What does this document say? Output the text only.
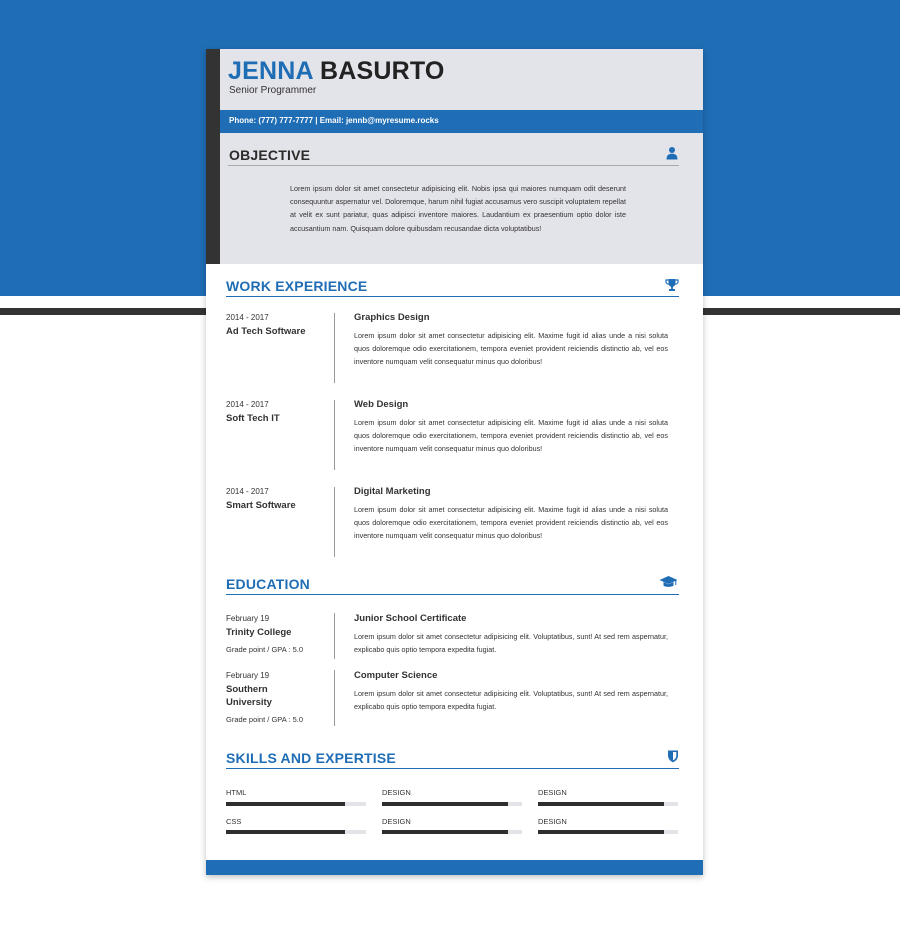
JENNA BASURTO
Senior Programmer
Phone: (777) 777-7777 | Email: jennb@myresume.rocks
OBJECTIVE
Lorem ipsum dolor sit amet consectetur adipisicing elit. Nobis ipsa qui maiores numquam odit deserunt consequuntur aspernatur vel. Doloremque, harum nihil fugiat accusamus vero suscipit voluptatem repellat at velit ex sunt pariatur, quas adipisci inventore maiores. Laudantium ex praesentium optio dolor iste accusantium nam. Quisquam dolore quibusdam recusandae dicta voluptatibus!
WORK EXPERIENCE
2014 - 2017
Ad Tech Software
Graphics Design
Lorem ipsum dolor sit amet consectetur adipisicing elit. Maxime fugit id alias unde a nisi soluta quos doloremque odio exercitationem, tempora eveniet provident reiciendis distinctio ab, vel eos inventore numquam velit consequatur minus quo doloribus!
2014 - 2017
Soft Tech IT
Web Design
Lorem ipsum dolor sit amet consectetur adipisicing elit. Maxime fugit id alias unde a nisi soluta quos doloremque odio exercitationem, tempora eveniet provident reiciendis distinctio ab, vel eos inventore numquam velit consequatur minus quo doloribus!
2014 - 2017
Smart Software
Digital Marketing
Lorem ipsum dolor sit amet consectetur adipisicing elit. Maxime fugit id alias unde a nisi soluta quos doloremque odio exercitationem, tempora eveniet provident reiciendis distinctio ab, vel eos inventore numquam velit consequatur minus quo doloribus!
EDUCATION
February 19
Trinity College
Grade point / GPA : 5.0
Junior School Certificate
Lorem ipsum dolor sit amet consectetur adipisicing elit. Voluptatibus, sunt! At sed rem aspernatur, explicabo quis optio tempora expedita fugiat.
February 19
Southern University
Grade point / GPA : 5.0
Computer Science
Lorem ipsum dolor sit amet consectetur adipisicing elit. Voluptatibus, sunt! At sed rem aspernatur, explicabo quis optio tempora expedita fugiat.
SKILLS AND EXPERTISE
HTML	DESIGN	DESIGN
CSS	DESIGN	DESIGN
